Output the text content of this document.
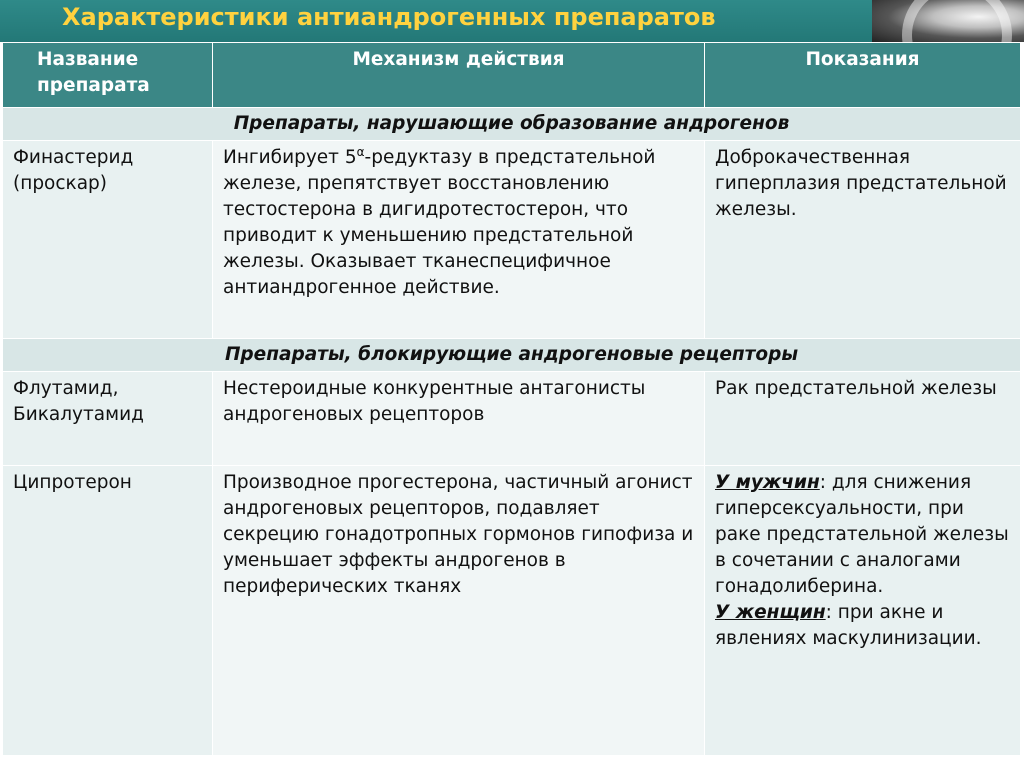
Характеристики антиандрогенных препаратов
Название препарата	Механизм действия	Показания
Препараты, нарушающие образование андрогенов		
Финастерид (проскар)	Ингибирует $5^\alpha$-редуктазу в предстательной железе, препятствует восстановлению тестостерона в дигидротестостерон, что приводит к уменьшению предстательной железы. Оказывает тканеспецифичное антиандрогенное действие.	Доброкачественная гиперплазия предстательной железы.
Препараты, блокирующие андрогеновые рецепторы		
Флутамид, Бикалутамид	Нестероидные конкурентные антагонисты андрогеновых рецепторов	Рак предстательной железы
Ципротерон	Производное прогестерона, частичный агонист андрогеновых рецепторов, подавляет секрецию гонадотропных гормонов гипофиза и уменьшает эффекты андрогенов в периферических тканях	У мужчин: для снижения гиперсексуальности, при раке предстательной железы в сочетании с аналогами гонадолиберина.
У женщин: при акне и явлениях маскулинизации.
